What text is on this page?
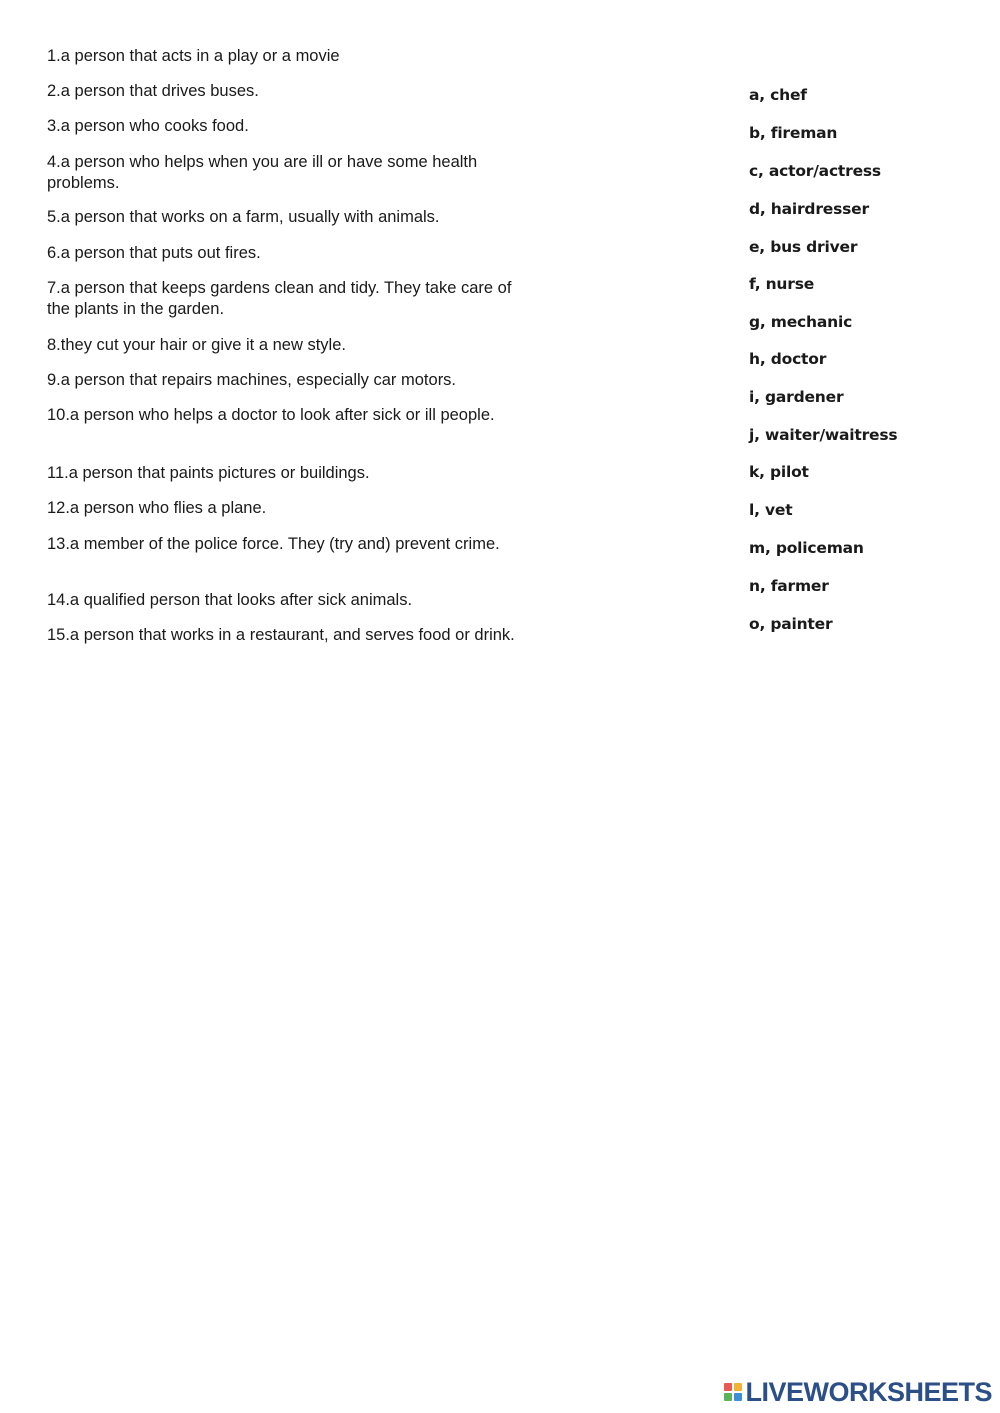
1.a person that acts in a play or a movie
2.a person that drives buses.
3.a person who cooks food.
4.a person who helps when you are ill or have some health problems.
5.a person that works on a farm, usually with animals.
6.a person that puts out fires.
7.a person that keeps gardens clean and tidy. They take care of the plants in the garden.
8.they cut your hair or give it a new style.
9.a person that repairs machines, especially car motors.
10.a person who helps a doctor to look after sick or ill people.
11.a person that paints pictures or buildings.
12.a person who flies a plane.
13.a member of the police force. They (try and) prevent crime.
14.a qualified person that looks after sick animals.
15.a person that works in a restaurant, and serves food or drink.
a, chef
b, fireman
c, actor/actress
d, hairdresser
e, bus driver
f, nurse
g, mechanic
h, doctor
i, gardener
j, waiter/waitress
k, pilot
l, vet
m, policeman
n, farmer
o, painter
LIVEWORKSHEETS
